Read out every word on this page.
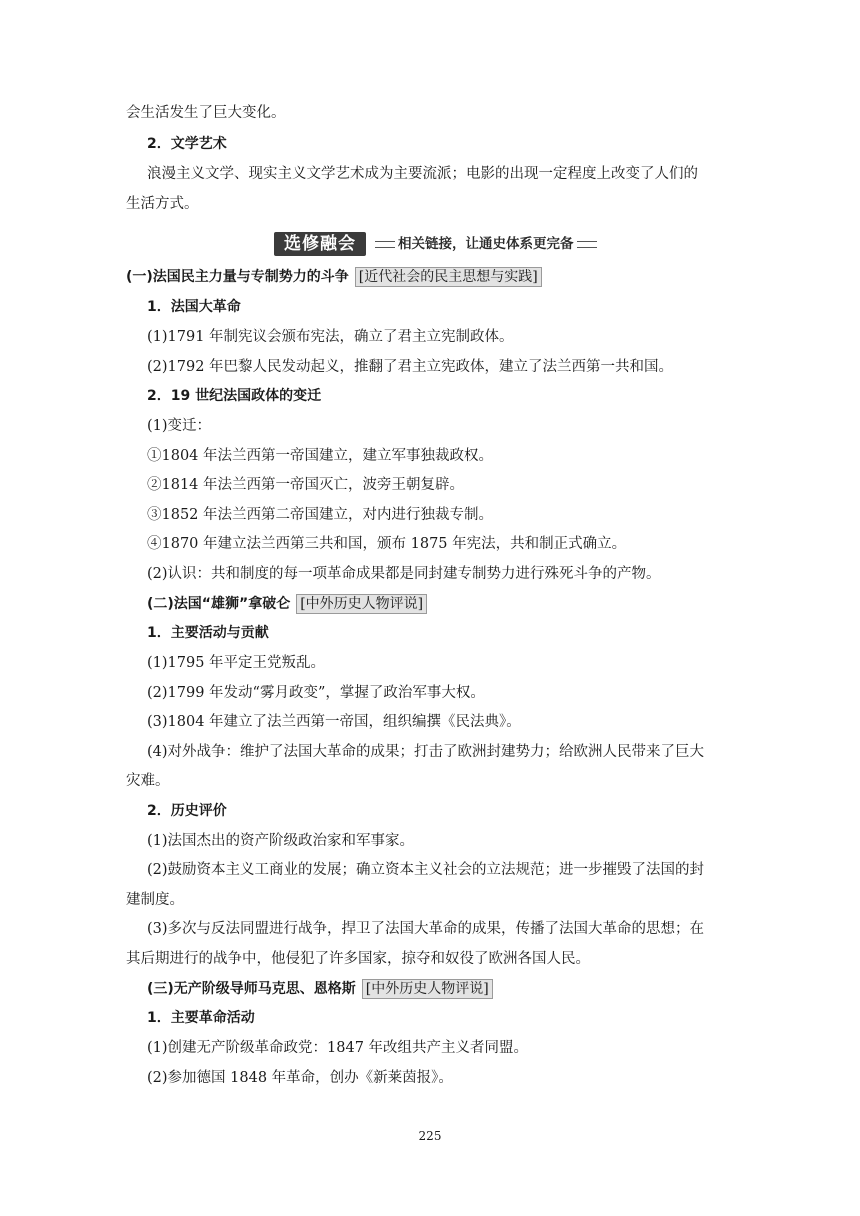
会生活发生了巨大变化。
2．文学艺术
浪漫主义文学、现实主义文学艺术成为主要流派；电影的出现一定程度上改变了人们的
生活方式。
选修融会	相关链接，让通史体系更完备
(一)法国民主力量与专制势力的斗争 [近代社会的民主思想与实践]
1．法国大革命
(1)1791 年制宪议会颁布宪法，确立了君主立宪制政体。
(2)1792 年巴黎人民发动起义，推翻了君主立宪政体，建立了法兰西第一共和国。
2．19 世纪法国政体的变迁
(1)变迁：
①1804 年法兰西第一帝国建立，建立军事独裁政权。
②1814 年法兰西第一帝国灭亡，波旁王朝复辟。
③1852 年法兰西第二帝国建立，对内进行独裁专制。
④1870 年建立法兰西第三共和国，颁布 1875 年宪法，共和制正式确立。
(2)认识：共和制度的每一项革命成果都是同封建专制势力进行殊死斗争的产物。
(二)法国“雄狮”拿破仑 [中外历史人物评说]
1．主要活动与贡献
(1)1795 年平定王党叛乱。
(2)1799 年发动“雾月政变”，掌握了政治军事大权。
(3)1804 年建立了法兰西第一帝国，组织编撰《民法典》。
(4)对外战争：维护了法国大革命的成果；打击了欧洲封建势力；给欧洲人民带来了巨大
灾难。
2．历史评价
(1)法国杰出的资产阶级政治家和军事家。
(2)鼓励资本主义工商业的发展；确立资本主义社会的立法规范；进一步摧毁了法国的封
建制度。
(3)多次与反法同盟进行战争，捍卫了法国大革命的成果，传播了法国大革命的思想；在
其后期进行的战争中，他侵犯了许多国家，掠夺和奴役了欧洲各国人民。
(三)无产阶级导师马克思、恩格斯 [中外历史人物评说]
1．主要革命活动
(1)创建无产阶级革命政党：1847 年改组共产主义者同盟。
(2)参加德国 1848 年革命，创办《新莱茵报》。
225
